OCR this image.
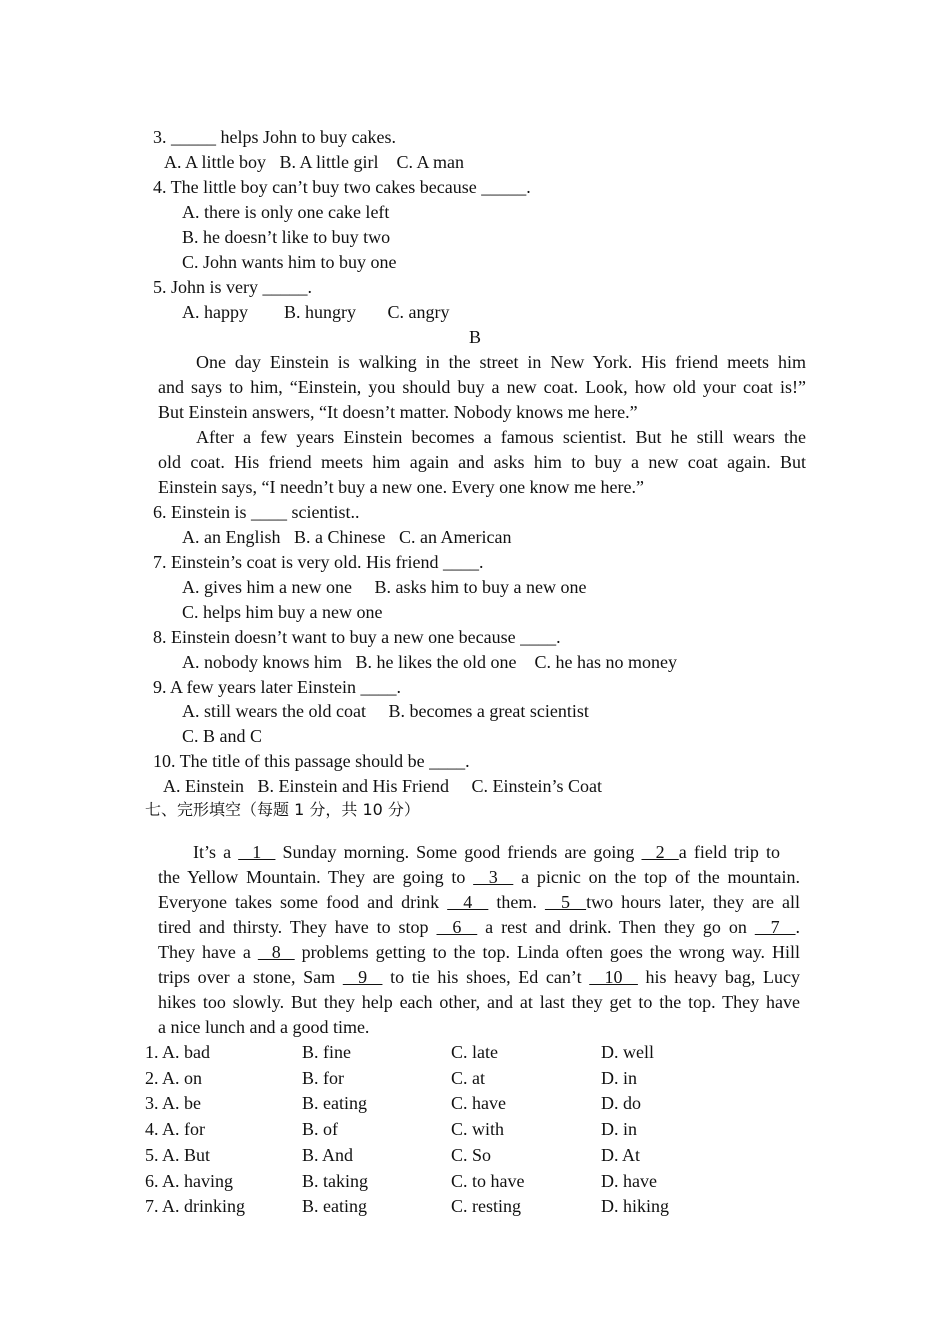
3. _____ helps John to buy cakes.
A. A little boy   B. A little girl    C. A man
4. The little boy can’t buy two cakes because _____.
A. there is only one cake left
B. he doesn’t like to buy two
C. John wants him to buy one
5. John is very _____.
A. happy        B. hungry       C. angry
B
One day Einstein is walking in the street in New York. His friend meets him
and says to him, “Einstein, you should buy a new coat. Look, how old your coat is!”
But Einstein answers, “It doesn’t matter. Nobody knows me here.”
After a few years Einstein becomes a famous scientist. But he still wears the
old coat. His friend meets him again and asks him to buy a new coat again. But
Einstein says, “I needn’t buy a new one. Every one know me here.”
6. Einstein is ____ scientist..
A. an English   B. a Chinese   C. an American
7. Einstein’s coat is very old. His friend ____.
A. gives him a new one     B. asks him to buy a new one
C. helps him buy a new one
8. Einstein doesn’t want to buy a new one because ____.
A. nobody knows him   B. he likes the old one    C. he has no money
9. A few years later Einstein ____.
A. still wears the old coat     B. becomes a great scientist
C. B and C
10. The title of this passage should be ____.
A. Einstein   B. Einstein and His Friend     C. Einstein’s Coat
七、完形填空（每题 1 分，共 10 分）
It’s a   1   Sunday morning. Some good friends are going   2  a field trip to
the Yellow Mountain. They are going to   3   a picnic on the top of the mountain.
Everyone takes some food and drink   4   them.   5  two hours later, they are all
tired and thirsty. They have to stop   6   a rest and drink. Then they go on   7  .
They have a   8   problems getting to the top. Linda often goes the wrong way. Hill
trips over a stone, Sam   9   to tie his shoes, Ed can’t   10   his heavy bag, Lucy
hikes too slowly. But they help each other, and at last they get to the top. They have
a nice lunch and a good time.
1. A. bad	B. fine	C. late	D. well
2. A. on	B. for	C. at	D. in
3. A. be	B. eating	C. have	D. do
4. A. for	B. of	C. with	D. in
5. A. But	B. And	C. So	D. At
6. A. having	B. taking	C. to have	D. have
7. A. drinking	B. eating	C. resting	D. hiking
